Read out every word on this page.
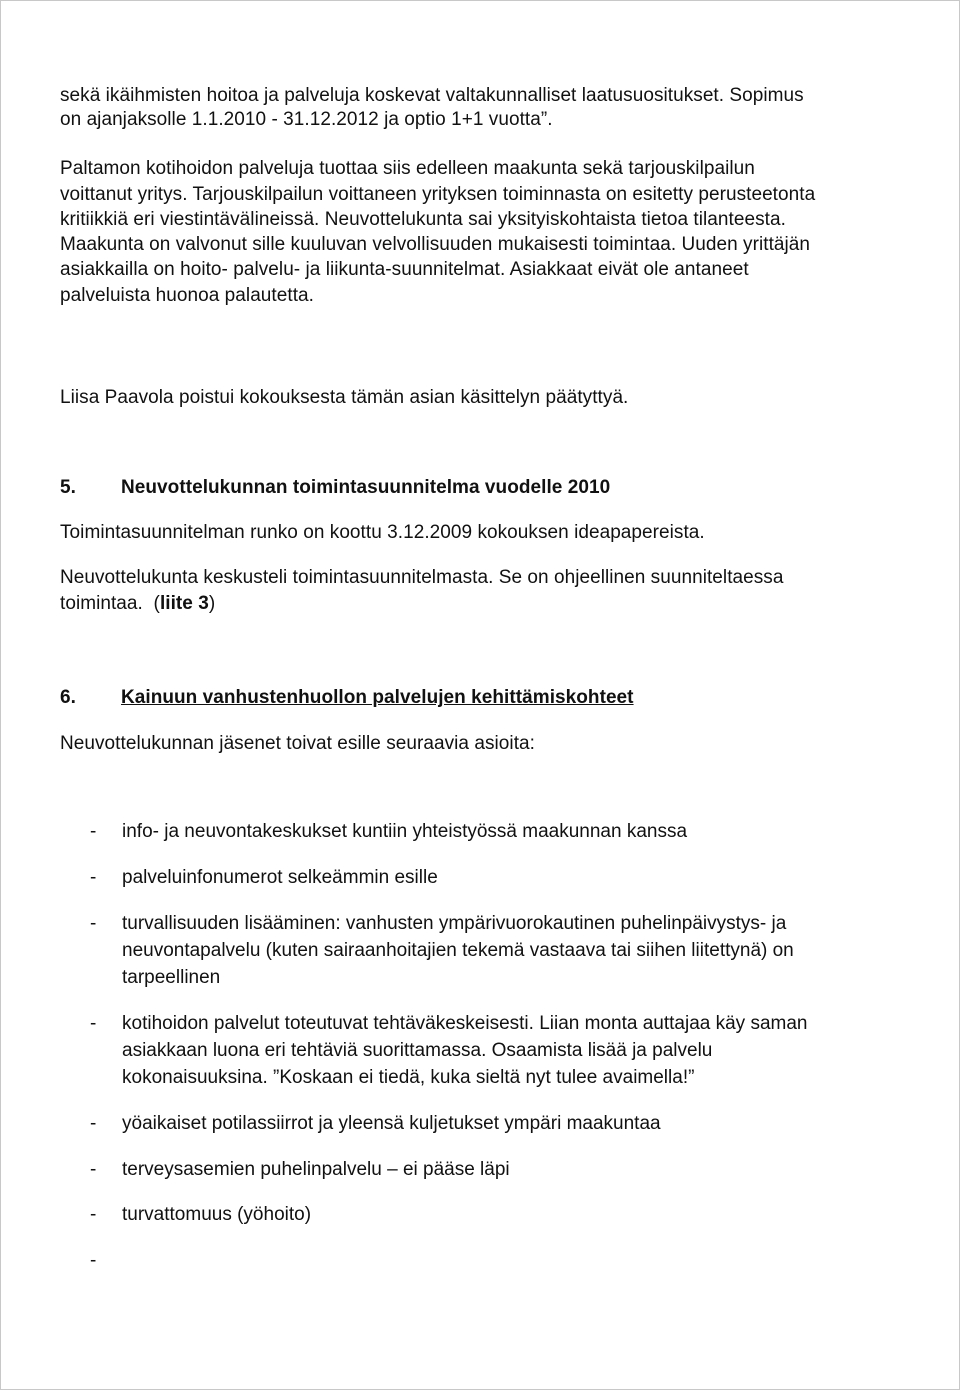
sekä ikäihmisten hoitoa ja palveluja koskevat valtakunnalliset laatusuositukset. Sopimus
on ajanjaksolle 1.1.2010 - 31.12.2012 ja optio 1+1 vuotta”.
Paltamon kotihoidon palveluja tuottaa siis edelleen maakunta sekä tarjouskilpailun
voittanut yritys. Tarjouskilpailun voittaneen yrityksen toiminnasta on esitetty perusteetonta
kritiikkiä eri viestintävälineissä. Neuvottelukunta sai yksityiskohtaista tietoa tilanteesta.
Maakunta on valvonut sille kuuluvan velvollisuuden mukaisesti toimintaa. Uuden yrittäjän
asiakkailla on hoito- palvelu- ja liikunta-suunnitelmat. Asiakkaat eivät ole antaneet
palveluista huonoa palautetta.
Liisa Paavola poistui kokouksesta tämän asian käsittelyn päätyttyä.
5. Neuvottelukunnan toimintasuunnitelma vuodelle 2010
Toimintasuunnitelman runko on koottu 3.12.2009 kokouksen ideapapereista.
Neuvottelukunta keskusteli toimintasuunnitelmasta. Se on ohjeellinen suunniteltaessa
toimintaa. (liite 3)
6. Kainuun vanhustenhuollon palvelujen kehittämiskohteet
Neuvottelukunnan jäsenet toivat esille seuraavia asioita:
- info- ja neuvontakeskukset kuntiin yhteistyössä maakunnan kanssa
- palveluinfonumerot selkeämmin esille
- turvallisuuden lisääminen: vanhusten ympärivuorokautinen puhelinpäivystys- ja
neuvontapalvelu (kuten sairaanhoitajien tekemä vastaava tai siihen liitettynä) on
tarpeellinen
- kotihoidon palvelut toteutuvat tehtäväkeskeisesti. Liian monta auttajaa käy saman
asiakkaan luona eri tehtäviä suorittamassa. Osaamista lisää ja palvelu
kokonaisuuksina. ”Koskaan ei tiedä, kuka sieltä nyt tulee avaimella!”
- yöaikaiset potilassiirrot ja yleensä kuljetukset ympäri maakuntaa
- terveysasemien puhelinpalvelu – ei pääse läpi
- turvattomuus (yöhoito)
-
